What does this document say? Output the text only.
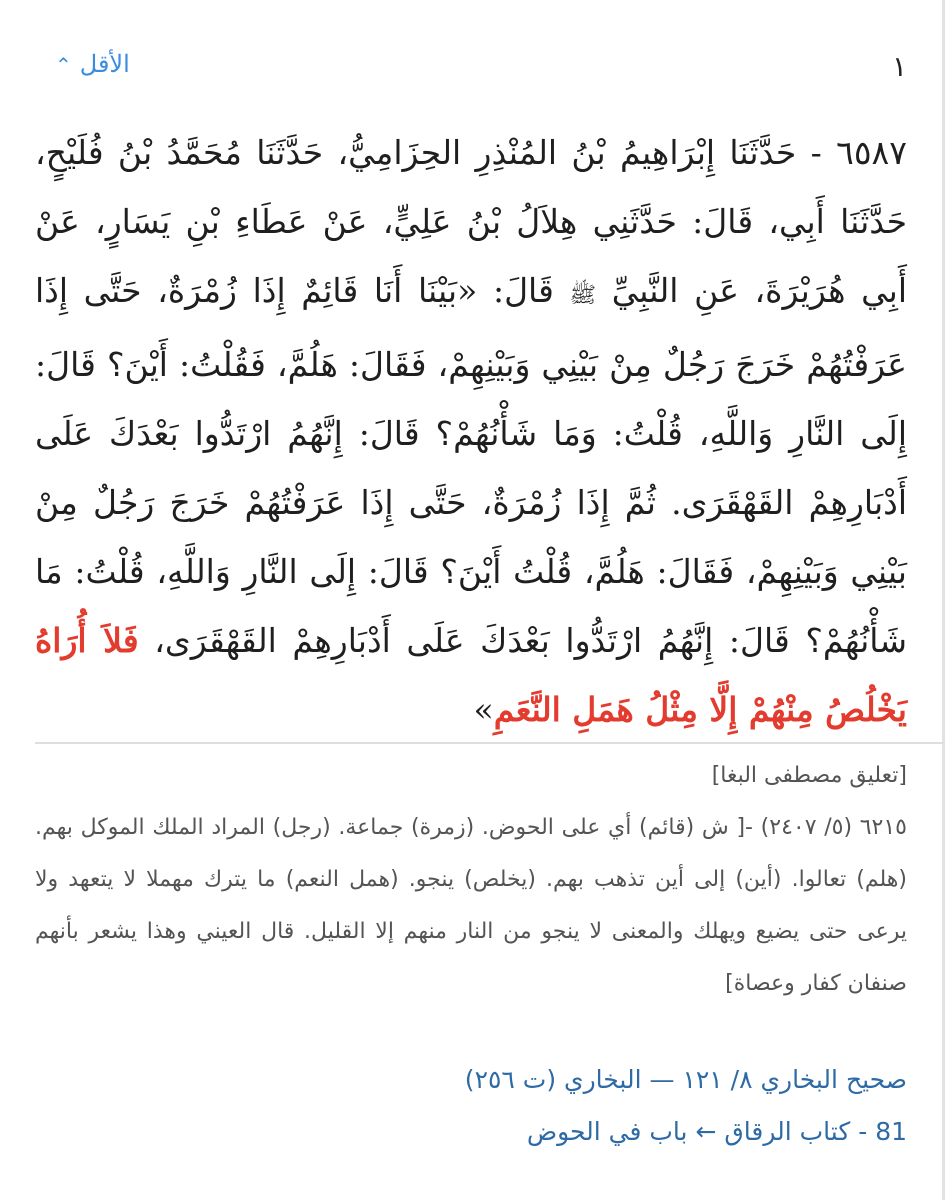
١
الأقل⌃
٦٥٨٧ - حَدَّثَنَا إِبْرَاهِيمُ بْنُ المُنْذِرِ الحِزَامِيُّ، حَدَّثَنَا مُحَمَّدُ بْنُ فُلَيْحٍ، حَدَّثَنَا أَبِي، قَالَ: حَدَّثَنِي هِلاَلُ بْنُ عَلِيٍّ، عَنْ عَطَاءِ بْنِ يَسَارٍ، عَنْ أَبِي هُرَيْرَةَ، عَنِ النَّبِيِّ ﷺ قَالَ: «بَيْنَا أَنَا قَائِمٌ إِذَا زُمْرَةٌ، حَتَّى إِذَا عَرَفْتُهُمْ خَرَجَ رَجُلٌ مِنْ بَيْنِي وَبَيْنِهِمْ، فَقَالَ: هَلُمَّ، فَقُلْتُ: أَيْنَ؟ قَالَ: إِلَى النَّارِ وَاللَّهِ، قُلْتُ: وَمَا شَأْنُهُمْ؟ قَالَ: إِنَّهُمُ ارْتَدُّوا بَعْدَكَ عَلَى أَدْبَارِهِمْ القَهْقَرَى. ثُمَّ إِذَا زُمْرَةٌ، حَتَّى إِذَا عَرَفْتُهُمْ خَرَجَ رَجُلٌ مِنْ بَيْنِي وَبَيْنِهِمْ، فَقَالَ: هَلُمَّ، قُلْتُ أَيْنَ؟ قَالَ: إِلَى النَّارِ وَاللَّهِ، قُلْتُ: مَا شَأْنُهُمْ؟ قَالَ: إِنَّهُمُ ارْتَدُّوا بَعْدَكَ عَلَى أَدْبَارِهِمْ القَهْقَرَى، فَلاَ أُرَاهُ يَخْلُصُ مِنْهُمْ إِلَّا مِثْلُ هَمَلِ النَّعَمِ»
[تعليق مصطفى البغا]
٦٢١٥ (٥/ ٢٤٠٧) -[ ش (قائم) أي على الحوض. (زمرة) جماعة. (رجل) المراد الملك الموكل بهم. (هلم) تعالوا. (أين) إلى أين تذهب بهم. (يخلص) ينجو. (همل النعم) ما يترك مهملا لا يتعهد ولا يرعى حتى يضيع ويهلك والمعنى لا ينجو من النار منهم إلا القليل. قال العيني وهذا يشعر بأنهم صنفان كفار وعصاة]
صحيح البخاري ٨/ ١٢١ — البخاري (ت ٢٥٦)
81 - كتاب الرقاق ← باب في الحوض
